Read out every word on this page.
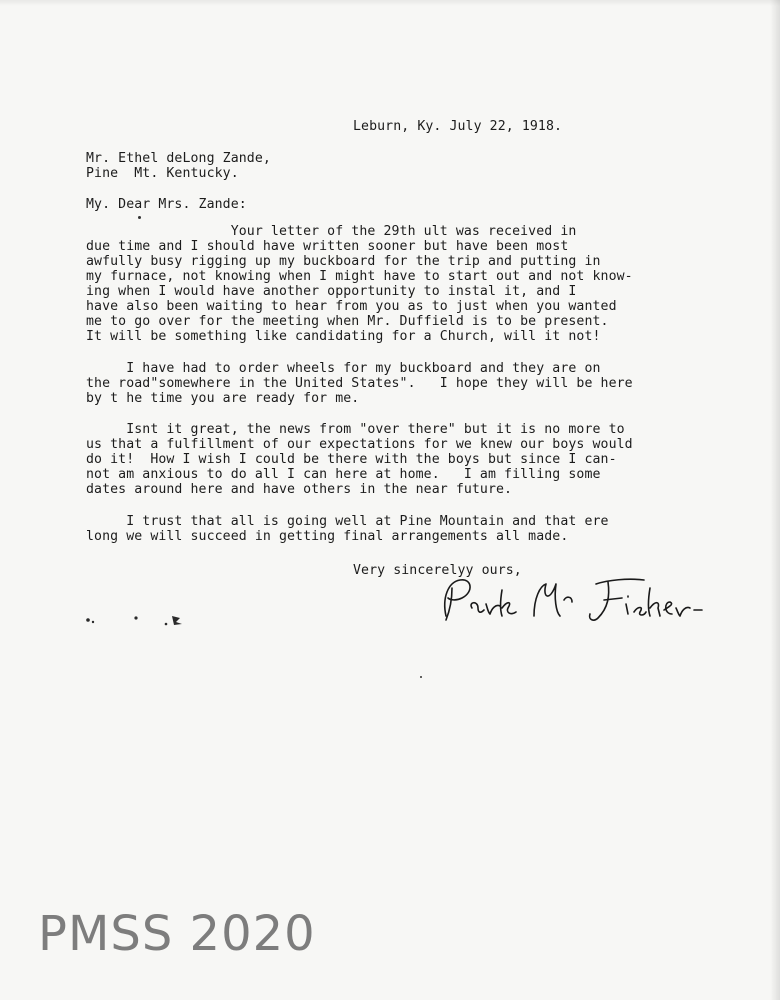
Leburn, Ky. July 22, 1918.
Mr. Ethel deLong Zande,
Pine  Mt. Kentucky.
My. Dear Mrs. Zande:
Your letter of the 29th ult was received in
due time and I should have written sooner but have been most
awfully busy rigging up my buckboard for the trip and putting in
my furnace, not knowing when I might have to start out and not know-
ing when I would have another opportunity to instal it, and I
have also been waiting to hear from you as to just when you wanted
me to go over for the meeting when Mr. Duffield is to be present.
It will be something like candidating for a Church, will it not!
I have had to order wheels for my buckboard and they are on
the road"somewhere in the United States".   I hope they will be here
by t he time you are ready for me.
Isnt it great, the news from "over there" but it is no more to
us that a fulfillment of our expectations for we knew our boys would
do it!  How I wish I could be there with the boys but since I can-
not am anxious to do all I can here at home.   I am filling some
dates around here and have others in the near future.
I trust that all is going well at Pine Mountain and that ere
long we will succeed in getting final arrangements all made.
Very sincerelyy ours,
PMSS 2020
